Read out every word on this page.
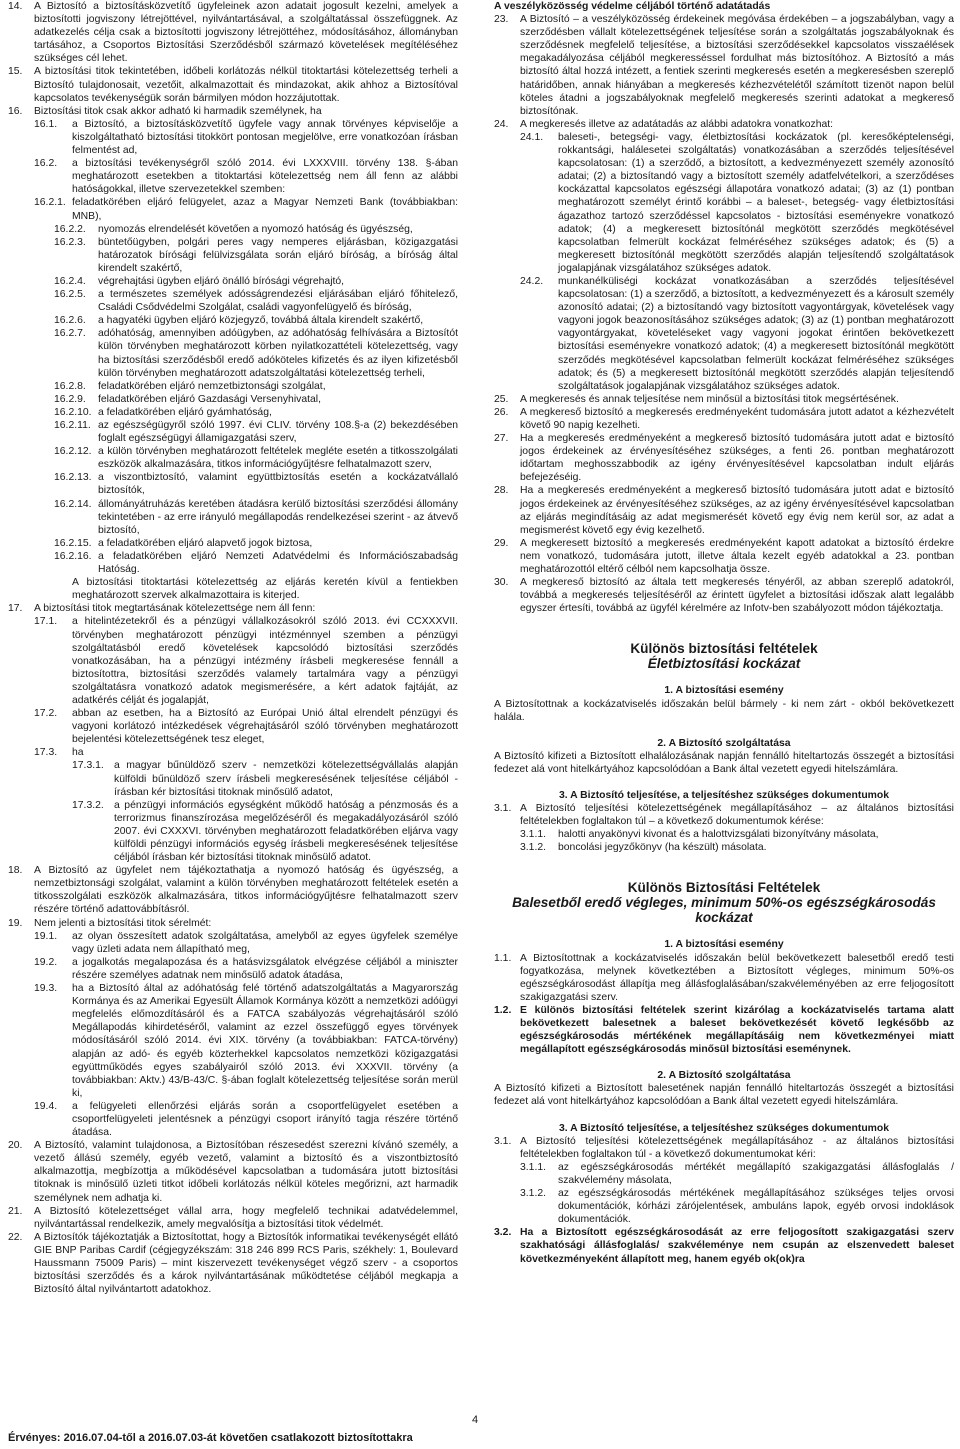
14.	A Biztosító a biztosításközvetítő ügyfeleinek azon adatait jogosult kezelni, amelyek a biztosítotti jogviszony létrejöttével, nyilvántartásával, a szolgáltatással összefüggnek. Az adatkezelés célja csak a biztosítotti jogviszony létrejöttéhez, módosításához, állományban tartásához, a Csoportos Biztosítási Szerződésből származó követelések megítéléséhez szükséges cél lehet.
15.	A biztosítási titok tekintetében, időbeli korlátozás nélkül titoktartási kötelezettség terheli a Biztosító tulajdonosait, vezetőit, alkalmazottait és mindazokat, akik ahhoz a Biztosítóval kapcsolatos tevékenységük során bármilyen módon hozzájutottak.
16.	Biztosítási titok csak akkor adható ki harmadik személynek, ha
16.1.	a Biztosító, a biztosításközvetítő ügyfele vagy annak törvényes képviselője a kiszolgáltatható biztosítási titokkört pontosan megjelölve, erre vonatkozóan írásban felmentést ad,
16.2.	a biztosítási tevékenységről szóló 2014. évi LXXXVIII. törvény 138. §-ában meghatározott esetekben a titoktartási kötelezettség nem áll fenn az alábbi hatóságokkal, illetve szervezetekkel szemben:
16.2.1. feladatkörében eljáró felügyelet, azaz a Magyar Nemzeti Bank (továbbiakban: MNB),
16.2.2.	nyomozás elrendelését követően a nyomozó hatóság és ügyészség,
16.2.3.	büntetőügyben, polgári peres vagy nemperes eljárásban, közigazgatási határozatok bírósági felülvizsgálata során eljáró bíróság, a bíróság által kirendelt szakértő,
16.2.4.	végrehajtási ügyben eljáró önálló bírósági végrehajtó,
16.2.5.	a természetes személyek adósságrendezési eljárásában eljáró főhitelező, Családi Csődvédelmi Szolgálat, családi vagyonfelügyelő és bíróság,
16.2.6.	a hagyatéki ügyben eljáró közjegyző, továbbá általa kirendelt szakértő,
16.2.7.	adóhatóság, amennyiben adóügyben, az adóhatóság felhívására a Biztosítót külön törvényben meghatározott körben nyilatkozattételi kötelezettség, vagy ha biztosítási szerződésből eredő adóköteles kifizetés és az ilyen kifizetésből külön törvényben meghatározott adatszolgáltatási kötelezettség terheli,
16.2.8.	feladatkörében eljáró nemzetbiztonsági szolgálat,
16.2.9.	feladatkörében eljáró Gazdasági Versenyhivatal,
16.2.10. a feladatkörében eljáró gyámhatóság,
16.2.11. az egészségügyről szóló 1997. évi CLIV. törvény 108.§-a (2) bekezdésében foglalt egészségügyi államigazgatási szerv,
16.2.12. a külön törvényben meghatározott feltételek megléte esetén a titkosszolgálati eszközök alkalmazására, titkos információgyűjtésre felhatalmazott szerv,
16.2.13. a viszontbiztosító, valamint együttbiztosítás esetén a kockázatvállaló biztosítók,
16.2.14. állományátruházás keretében átadásra kerülő biztosítási szerződési állomány tekintetében - az erre irányuló megállapodás rendelkezései szerint - az átvevő biztosító,
16.2.15. a feladatkörében eljáró alapvető jogok biztosa,
16.2.16. a feladatkörében eljáró Nemzeti Adatvédelmi és Információszabadság Hatóság.
A biztosítási titoktartási kötelezettség az eljárás keretén kívül a fentiekben meghatározott szervek alkalmazottaira is kiterjed.
17.	A biztosítási titok megtartásának kötelezettsége nem áll fenn:
17.1.	a hitelintézetekről és a pénzügyi vállalkozásokról szóló 2013. évi CCXXXVII. törvényben meghatározott pénzügyi intézménnyel szemben a pénzügyi szolgáltatásból eredő követelések kapcsolódó biztosítási szerződés vonatkozásában, ha a pénzügyi intézmény írásbeli megkeresése fennáll a biztosítottra, biztosítási szerződés valamely tartalmára vagy a pénzügyi szolgáltatásra vonatkozó adatok megismerésére, a kért adatok fajtáját, az adatkérés célját és jogalapját,
17.2.	abban az esetben, ha a Biztosító az Európai Unió által elrendelt pénzügyi és vagyoni korlátozó intézkedések végrehajtásáról szóló törvényben meghatározott bejelentési kötelezettségének tesz eleget,
17.3.	ha
17.3.1. a magyar bűnüldöző szerv - nemzetközi kötelezettségvállalás alapján külföldi bűnüldöző szerv írásbeli megkeresésének teljesítése céljából - írásban kér biztosítási titoknak minősülő adatot,
17.3.2. a pénzügyi információs egységként működő hatóság a pénzmosás és a terrorizmus finanszírozása megelőzéséről és megakadályozásáról szóló 2007. évi CXXXVI. törvényben meghatározott feladatkörében eljárva vagy külföldi pénzügyi információs egység írásbeli megkeresésének teljesítése céljából írásban kér biztosítási titoknak minősülő adatot.
18.	A Biztosító az ügyfelet nem tájékoztathatja a nyomozó hatóság és ügyészség, a nemzetbiztonsági szolgálat, valamint a külön törvényben meghatározott feltételek esetén a titkosszolgálati eszközök alkalmazására, titkos információgyűjtésre felhatalmazott szerv részére történő adattovábbításról.
19.	Nem jelenti a biztosítási titok sérelmét:
19.1.	az olyan összesített adatok szolgáltatása, amelyből az egyes ügyfelek személye vagy üzleti adata nem állapítható meg,
19.2.	a jogalkotás megalapozása és a hatásvizsgálatok elvégzése céljából a miniszter részére személyes adatnak nem minősülő adatok átadása,
19.3.	ha a Biztosító által az adóhatóság felé történő adatszolgáltatás a Magyarország Kormánya és az Amerikai Egyesült Államok Kormánya között a nemzetközi adóügyi megfelelés előmozdításáról és a FATCA szabályozás végrehajtásáról szóló Megállapodás kihirdetéséről, valamint az ezzel összefüggő egyes törvények módosításáról szóló 2014. évi XIX. törvény (a továbbiakban: FATCA-törvény) alapján az adó- és egyéb közterhekkel kapcsolatos nemzetközi közigazgatási együttműködés egyes szabályairól szóló 2013. évi XXXVII. törvény (a továbbiakban: Aktv.) 43/B-43/C. §-ában foglalt kötelezettség teljesítése során merül ki,
19.4.	a felügyeleti ellenőrzési eljárás során a csoportfelügyelet esetében a csoportfelügyeleti jelentésnek a pénzügyi csoport irányító tagja részére történő átadása.
20.	A Biztosító, valamint tulajdonosa, a Biztosítóban részesedést szerezni kívánó személy, a vezető állású személy, egyéb vezető, valamint a biztosító és a viszontbiztosító alkalmazottja, megbízottja a működésével kapcsolatban a tudomására jutott biztosítási titoknak is minősülő üzleti titkot időbeli korlátozás nélkül köteles megőrizni, azt harmadik személynek nem adhatja ki.
21.	A Biztosító kötelezettséget vállal arra, hogy megfelelő technikai adatvédelemmel, nyilvántartással rendelkezik, amely megvalósítja a biztosítási titok védelmét.
22.	A Biztosítók tájékoztatják a Biztosítottat, hogy a Biztosítók informatikai tevékenységét ellátó GIE BNP Paribas Cardif (cégjegyzékszám: 318 246 899 RCS Paris, székhely: 1, Boulevard Haussmann 75009 Paris) – mint kiszervezett tevékenységet végző szerv - a csoportos biztosítási szerződés és a károk nyilvántartásának működtetése céljából megkapja a Biztosító által nyilvántartott adatokhoz.
A veszélyközösség védelme céljából történő adatátadás
23.	A Biztosító – a veszélyközösség érdekeinek megóvása érdekében – a jogszabályban, vagy a szerződésben vállalt kötelezettségének teljesítése során a szolgáltatás jogszabályoknak és szerződésnek megfelelő teljesítése, a biztosítási szerződésekkel kapcsolatos visszaélések megakadályozása céljából megkeresséssel fordulhat más biztosítóhoz. A Biztosító a más biztosító által hozzá intézett, a fentiek szerinti megkeresés esetén a megkeresésben szereplő határidőben, annak hiányában a megkeresés kézhezvételétől számított tizenöt napon belül köteles átadni a jogszabályoknak megfelelő megkeresés szerinti adatokat a megkereső biztosítónak.
24.	A megkeresés illetve az adatátadás az alábbi adatokra vonatkozhat:
24.1.	baleseti-, betegségi- vagy, életbiztosítási kockázatok (pl. keresőképtelenségi, rokkantsági, halálesetei szolgáltatás) vonatkozásában a szerződés teljesítésével kapcsolatosan: (1) a szerződő, a biztosított, a kedvezményezett személy azonosító adatai; (2) a biztosítandó vagy a biztosított személy adatfelvételkori, a szerződéses kockázattal kapcsolatos egészségi állapotára vonatkozó adatai; (3) az (1) pontban meghatározott személyt érintő korábbi – a baleset-, betegség- vagy életbiztosítási ágazathoz tartozó szerződéssel kapcsolatos - biztosítási eseményekre vonatkozó adatok; (4) a megkeresett biztosítónál megkötött szerződés megkötésével kapcsolatban felmerült kockázat felméréséhez szükséges adatok; és (5) a megkeresett biztosítónál megkötött szerződés alapján teljesítendő szolgáltatások jogalapjának vizsgálatához szükséges adatok.
24.2.	munkanélküliségi kockázat vonatkozásában a szerződés teljesítésével kapcsolatosan: (1) a szerződő, a biztosított, a kedvezményezett és a károsult személy azonosító adatai; (2) a biztosítandó vagy biztosított vagyontárgyak, követelések vagy vagyoni jogok beazonosításához szükséges adatok; (3) az (1) pontban meghatározott vagyontárgyakat, követeléseket vagy vagyoni jogokat érintően bekövetkezett biztosítási eseményekre vonatkozó adatok; (4) a megkeresett biztosítónál megkötött szerződés megkötésével kapcsolatban felmerült kockázat felméréséhez szükséges adatok; és (5) a megkeresett biztosítónál megkötött szerződés alapján teljesítendő szolgáltatások jogalapjának vizsgálatához szükséges adatok.
25.	A megkeresés és annak teljesítése nem minősül a biztosítási titok megsértésének.
26.	A megkereső biztosító a megkeresés eredményeként tudomására jutott adatot a kézhezvételt követő 90 napig kezelheti.
27.	Ha a megkeresés eredményeként a megkereső biztosító tudomására jutott adat e biztosító jogos érdekeinek az érvényesítéséhez szükséges, a fenti 26. pontban meghatározott időtartam meghosszabbodik az igény érvényesítésével kapcsolatban indult eljárás befejezéséig.
28.	Ha a megkeresés eredményeként a megkereső biztosító tudomására jutott adat e biztosító jogos érdekeinek az érvényesítéséhez szükséges, az az igény érvényesítésével kapcsolatban az eljárás megindításáig az adat megismerését követő egy évig nem kerül sor, az adat a megismerést követő egy évig kezelhető.
29.	A megkeresett biztosító a megkeresés eredményeként kapott adatokat a biztosító érdekre nem vonatkozó, tudomására jutott, illetve általa kezelt egyéb adatokkal a 23. pontban meghatározottól eltérő célból nem kapcsolhatja össze.
30.	A megkereső biztosító az általa tett megkeresés tényéről, az abban szereplő adatokról, továbbá a megkeresés teljesítéséről az érintett ügyfelet a biztosítási időszak alatt legalább egyszer értesíti, továbbá az ügyfél kérelmére az Infotv-ben szabályozott módon tájékoztatja.
Különös biztosítási feltételek
Életbiztosítási kockázat
1. A biztosítási esemény
A Biztosítottnak a kockázatviselés időszakán belül bármely - ki nem zárt - okból bekövetkezett halála.
2. A Biztosító szolgáltatása
A Biztosító kifizeti a Biztosított elhalálozásának napján fennálló hiteltartozás összegét a biztosítási fedezet alá vont hitelkártyához kapcsolódóan a Bank által vezetett egyedi hitelszámlára.
3. A Biztosító teljesítése, a teljesítéshez szükséges dokumentumok
3.1. A Biztosító teljesítési kötelezettségének megállapításához – az általános biztosítási feltételekben foglaltakon túl – a következő dokumentumok kérése:
3.1.1.	halotti anyakönyvi kivonat és a halottvizsgálati bizonyítvány másolata,
3.1.2.	boncolási jegyzőkönyv (ha készült) másolata.
Különös Biztosítási Feltételek
Balesetből eredő végleges, minimum 50%-os egészségkárosodás kockázat
1. A biztosítási esemény
1.1. A Biztosítottnak a kockázatviselés időszakán belül bekövetkezett balesetből eredő testi fogyatkozása, melynek következtében a Biztosított végleges, minimum 50%-os egészségkárosodást állapítja meg állásfoglalásában/szakvéleményében az erre feljogosított szakigazgatási szerv.
1.2. E különös biztosítási feltételek szerint kizárólag a kockázatviselés tartama alatt bekövetkezett balesetnek a baleset bekövetkezését követő legkésőbb az egészségkárosodás mértékének megállapításáig nem következményei miatt megállapított egészségkárosodás minősül biztosítási eseménynek.
2. A Biztosító szolgáltatása
A Biztosító kifizeti a Biztosított balesetének napján fennálló hiteltartozás összegét a biztosítási fedezet alá vont hitelkártyához kapcsolódóan a Bank által vezetett egyedi hitelszámlára.
3. A Biztosító teljesítése, a teljesítéshez szükséges dokumentumok
3.1. A Biztosító teljesítési kötelezettségének megállapításához - az általános biztosítási feltételekben foglaltakon túl - a következő dokumentumokat kéri:
3.1.1.	az egészségkárosodás mértékét megállapító szakigazgatási állásfoglalás / szakvélemény másolata,
3.1.2.	az egészségkárosodás mértékének megállapításához szükséges teljes orvosi dokumentációk, kórházi zárójelentések, ambuláns lapok, egyéb orvosi indoklások dokumentációk.
3.2. Ha a Biztosított egészségkárosodását az erre feljogosított szakigazgatási szerv szakhatósági állásfoglalás/ szakvéleménye nem csupán az elszenvedett baleset következményeként állapított meg, hanem egyéb ok(ok)ra
4
Érvényes: 2016.07.04-től a 2016.07.03-át követően csatlakozott biztosítottakra
